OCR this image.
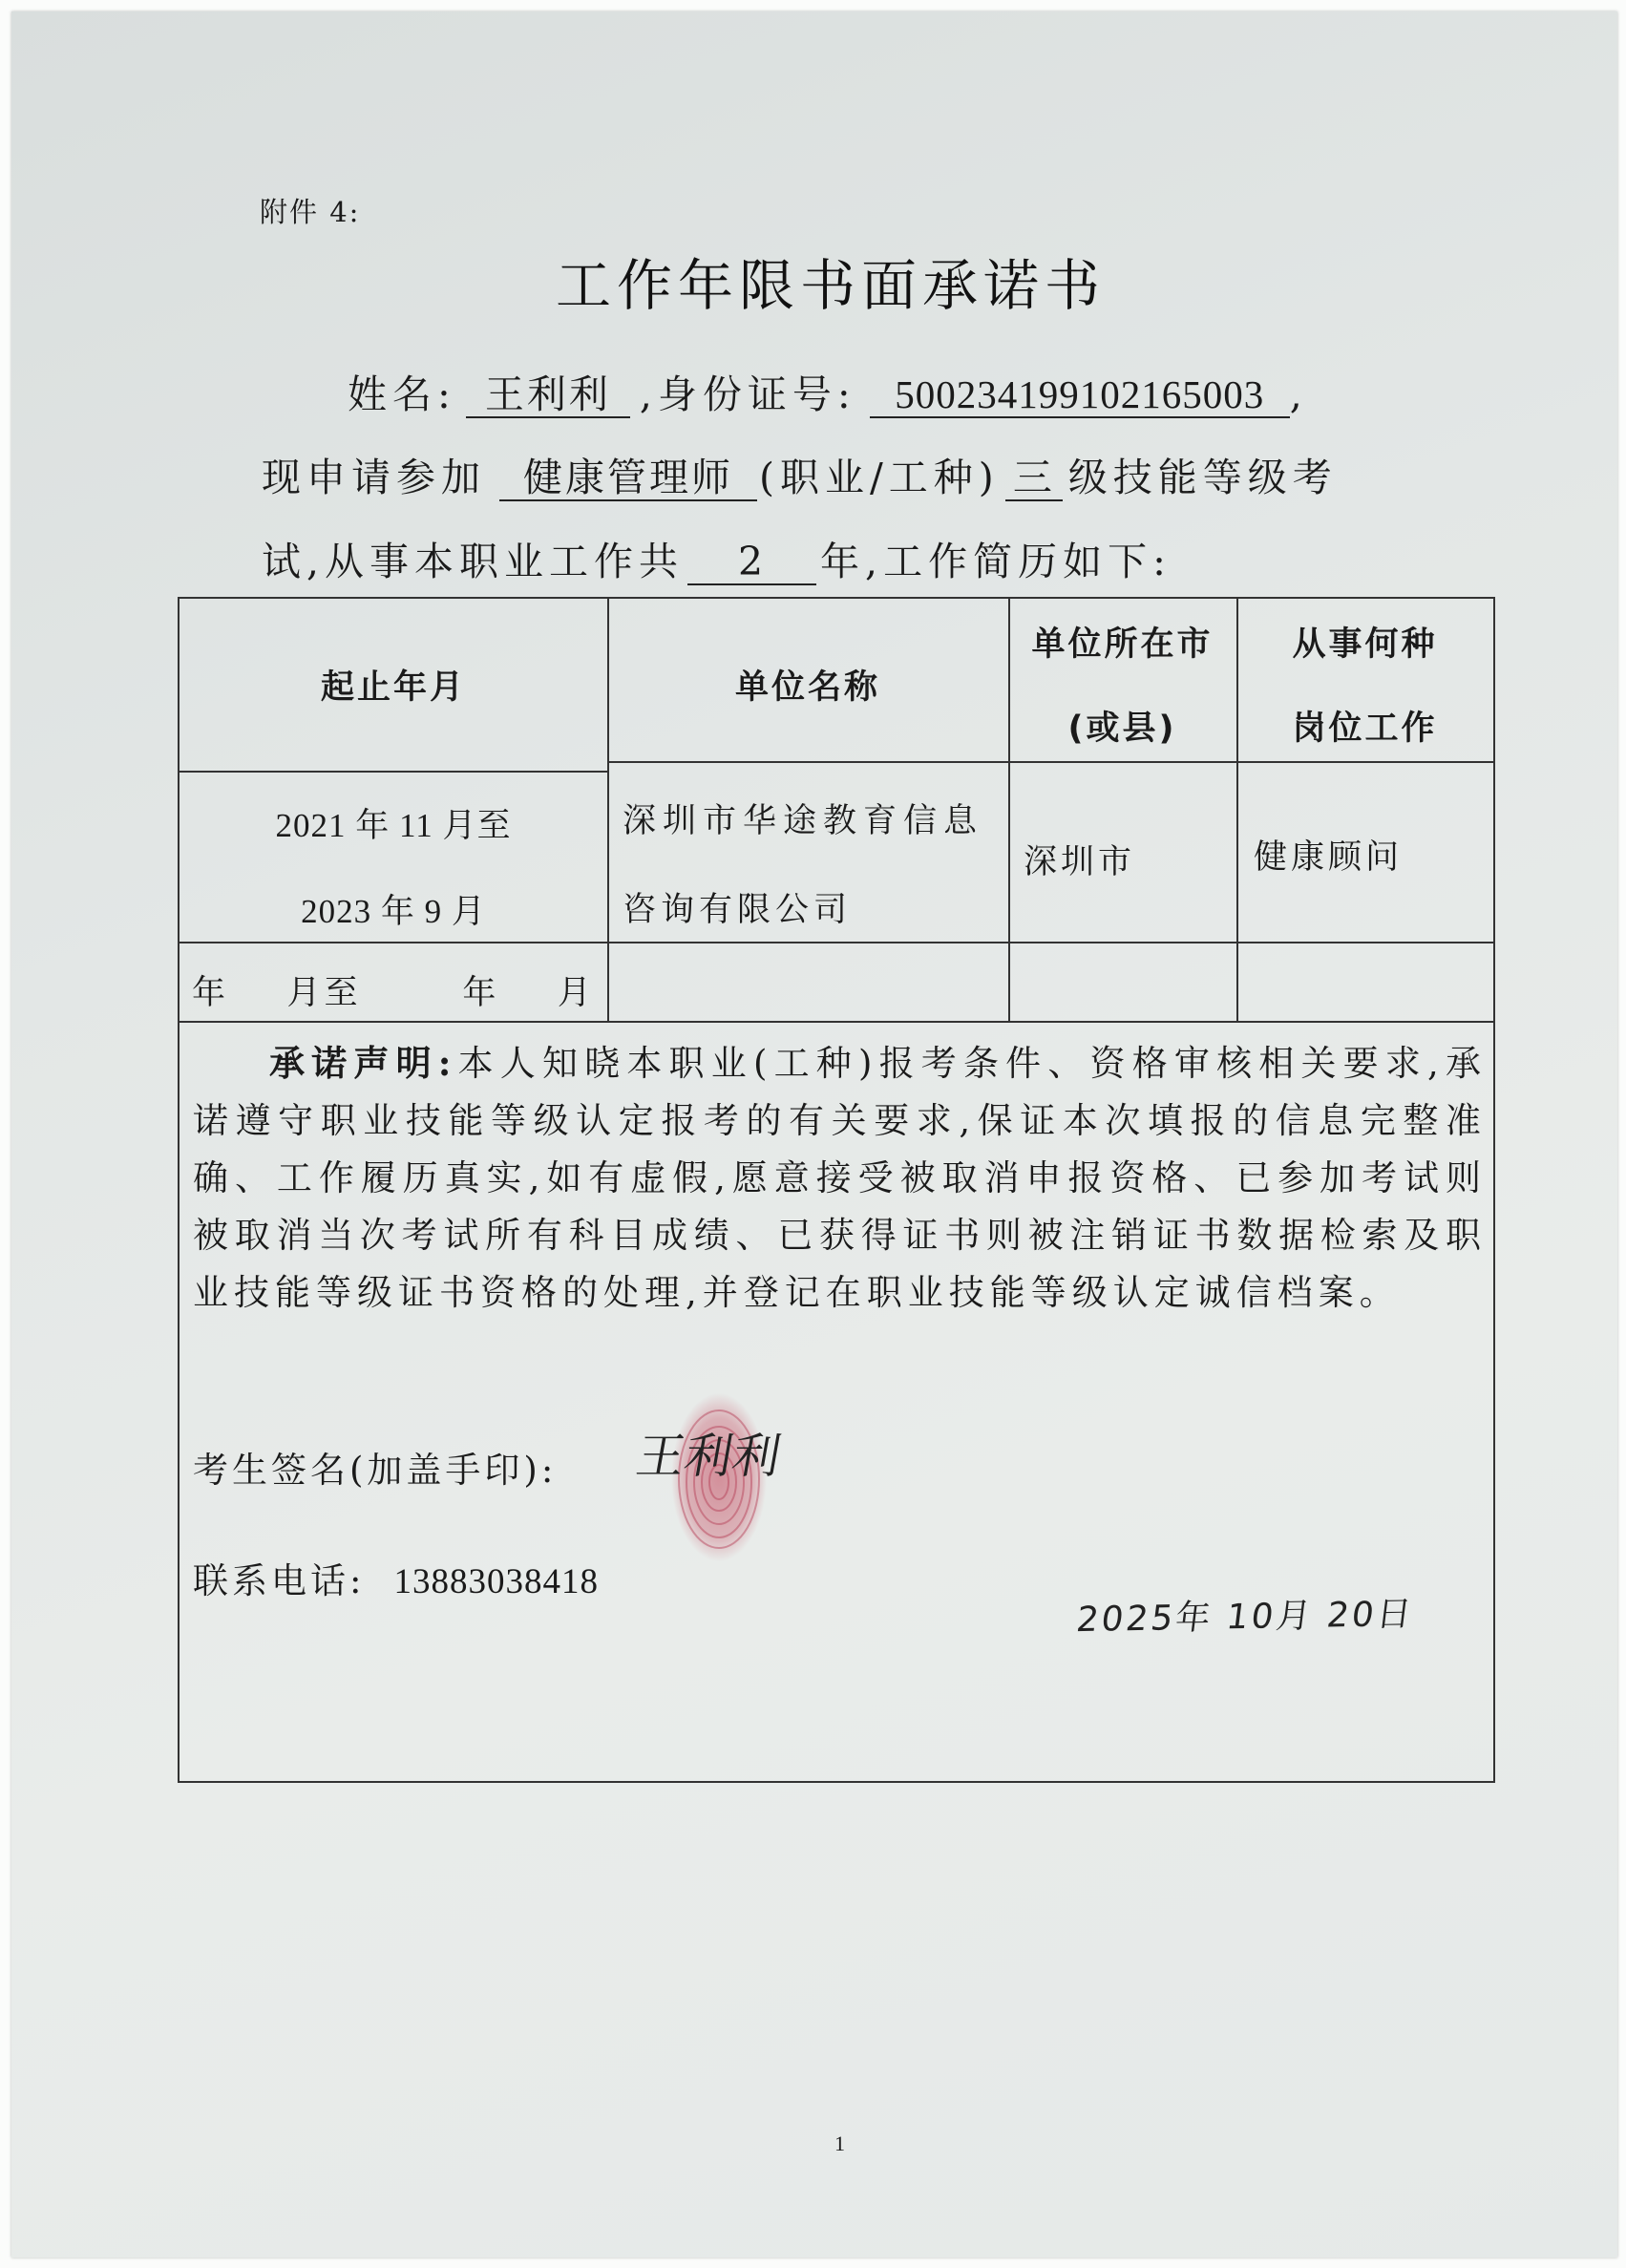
附件 4:
工作年限书面承诺书
姓名: 王利利 ,身份证号: 500234199102165003 ,
现申请参加 健康管理师 (职业/工种) 三 级技能等级考
试,从事本职业工作共 2 年,工作简历如下:
起止年月	单位名称
单位所在市
(或县)
从事何种
岗位工作
2021 年 11 月至
2023 年 9 月
深圳市华途教育信息
咨询有限公司
深圳市	健康顾问
年    月至       年    月
承诺声明:本人知晓本职业(工种)报考条件、资格审核相关要求,承诺遵守职业技能等级认定报考的有关要求,保证本次填报的信息完整准确、工作履历真实,如有虚假,愿意接受被取消申报资格、已参加考试则被取消当次考试所有科目成绩、已获得证书则被注销证书数据检索及职业技能等级证书资格的处理,并登记在职业技能等级认定诚信档案。
考生签名(加盖手印): 王利利
联系电话: 13883038418
2025年 10月 20日
1
